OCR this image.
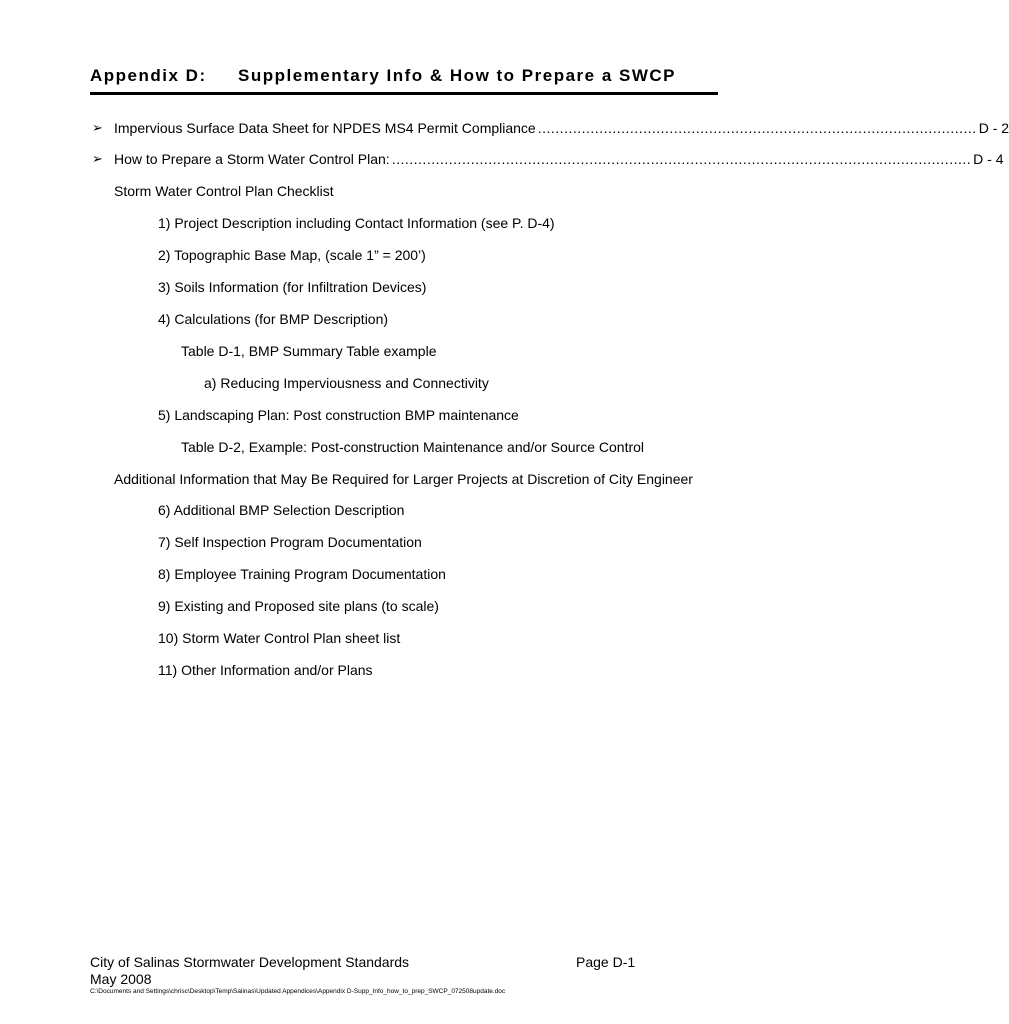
Appendix D: Supplementary Info & How to Prepare a SWCP
➢ Impervious Surface Data Sheet for NPDES MS4 Permit Compliance .................................................................................................... D - 2
➢ How to Prepare a Storm Water Control Plan: .................................................................................................................................... D - 4
Storm Water Control Plan Checklist
1) Project Description including Contact Information (see P. D-4)
2) Topographic Base Map, (scale 1” = 200’)
3) Soils Information (for Infiltration Devices)
4) Calculations (for BMP Description)
Table D-1, BMP Summary Table example
a) Reducing Imperviousness and Connectivity
5) Landscaping Plan: Post construction BMP maintenance
Table D-2, Example: Post-construction Maintenance and/or Source Control
Additional Information that May Be Required for Larger Projects at Discretion of City Engineer
6) Additional BMP Selection Description
7) Self Inspection Program Documentation
8) Employee Training Program Documentation
9) Existing and Proposed site plans (to scale)
10) Storm Water Control Plan sheet list
11) Other Information and/or Plans
City of Salinas Stormwater Development Standards
May 2008
Page D-1
C:\Documents and Settings\chrisc\Desktop\Temp\Salinas\Updated Appendices\Appendix D-Supp_Info_how_to_prep_SWCP_072508update.doc
